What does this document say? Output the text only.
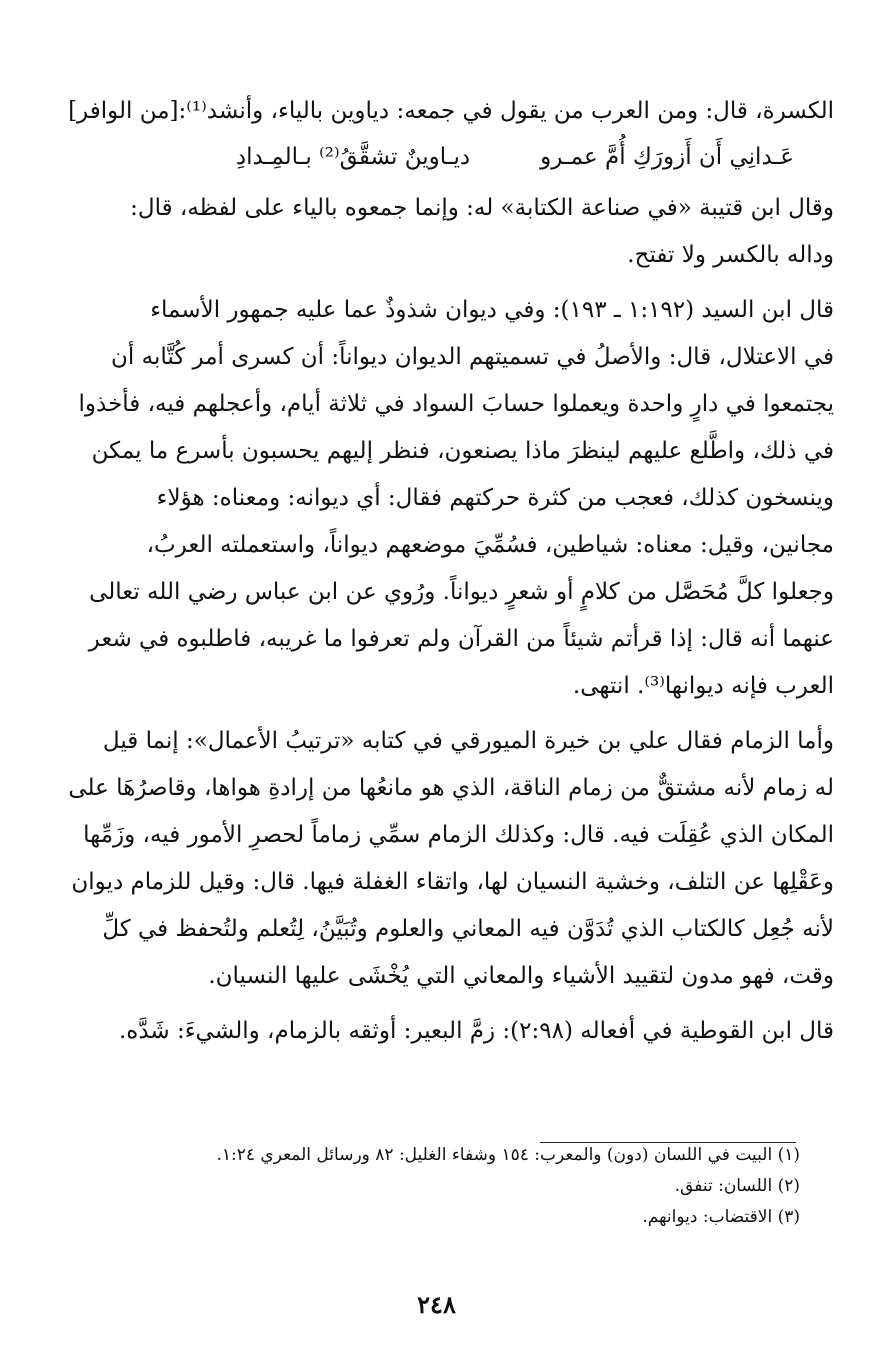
الكسرة، قال: ومن العرب من يقول في جمعه: دياوين بالياء، وأنشد⁽¹⁾:[من الوافر]

عَـدانِي أَن أَزورَكِ أُمَّ عمـرو
ديـاوينٌ تشقَّقُ⁽²⁾ بـالمِـدادِ

وقال ابن قتيبة «في صناعة الكتابة» له: وإنما جمعوه بالياء على لفظه، قال:
وداله بالكسر ولا تفتح.

قال ابن السيد (١:١٩٢ ـ ١٩٣): وفي ديوان شذوذٌ عما عليه جمهور الأسماء
في الاعتلال، قال: والأصلُ في تسميتهم الديوان ديواناً: أن كسرى أمر كُتَّابه أن
يجتمعوا في دارٍ واحدة ويعملوا حسابَ السواد في ثلاثة أيام، وأعجلهم فيه، فأخذوا
في ذلك، واطَّلع عليهم لينظرَ ماذا يصنعون، فنظر إليهم يحسبون بأسرع ما يمكن
وينسخون كذلك، فعجب من كثرة حركتهم فقال: أي ديوانه: ومعناه: هؤلاء
مجانين، وقيل: معناه: شياطين، فسُمِّيَ موضعهم ديواناً، واستعملته العربُ،
وجعلوا كلَّ مُحَصَّل من كلامٍ أو شعرٍ ديواناً. ورُوي عن ابن عباس رضي الله تعالى
عنهما أنه قال: إذا قرأتم شيئاً من القرآن ولم تعرفوا ما غريبه، فاطلبوه في شعر
العرب فإنه ديوانها⁽³⁾. انتهى.

وأما الزمام فقال علي بن خيرة الميورقي في كتابه «ترتيبُ الأعمال»: إنما قيل
له زمام لأنه مشتقٌّ من زمام الناقة، الذي هو مانعُها من إرادةِ هواها، وقاصرُهَا على
المكان الذي عُقِلَت فيه. قال: وكذلك الزمام سمِّي زماماً لحصرِ الأمور فيه، وزَمِّها
وعَقْلِها عن التلف، وخشية النسيان لها، واتقاء الغفلة فيها. قال: وقيل للزمام ديوان
لأنه جُعِل كالكتاب الذي تُدَوَّن فيه المعاني والعلوم وتُبَيَّنُ، لِتُعلم ولتُحفظ في كلِّ
وقت، فهو مدون لتقييد الأشياء والمعاني التي يُخْشَى عليها النسيان.

قال ابن القوطية في أفعاله (٢:٩٨): زمَّ البعير: أوثقه بالزمام، والشيءَ: شَدَّه.

(١) البيت في اللسان (دون) والمعرب: ١٥٤ وشفاء الغليل: ٨٢ ورسائل المعري ١:٢٤.
(٢) اللسان: تنفق.
(٣) الاقتضاب: ديوانهم.
٢٤٨
